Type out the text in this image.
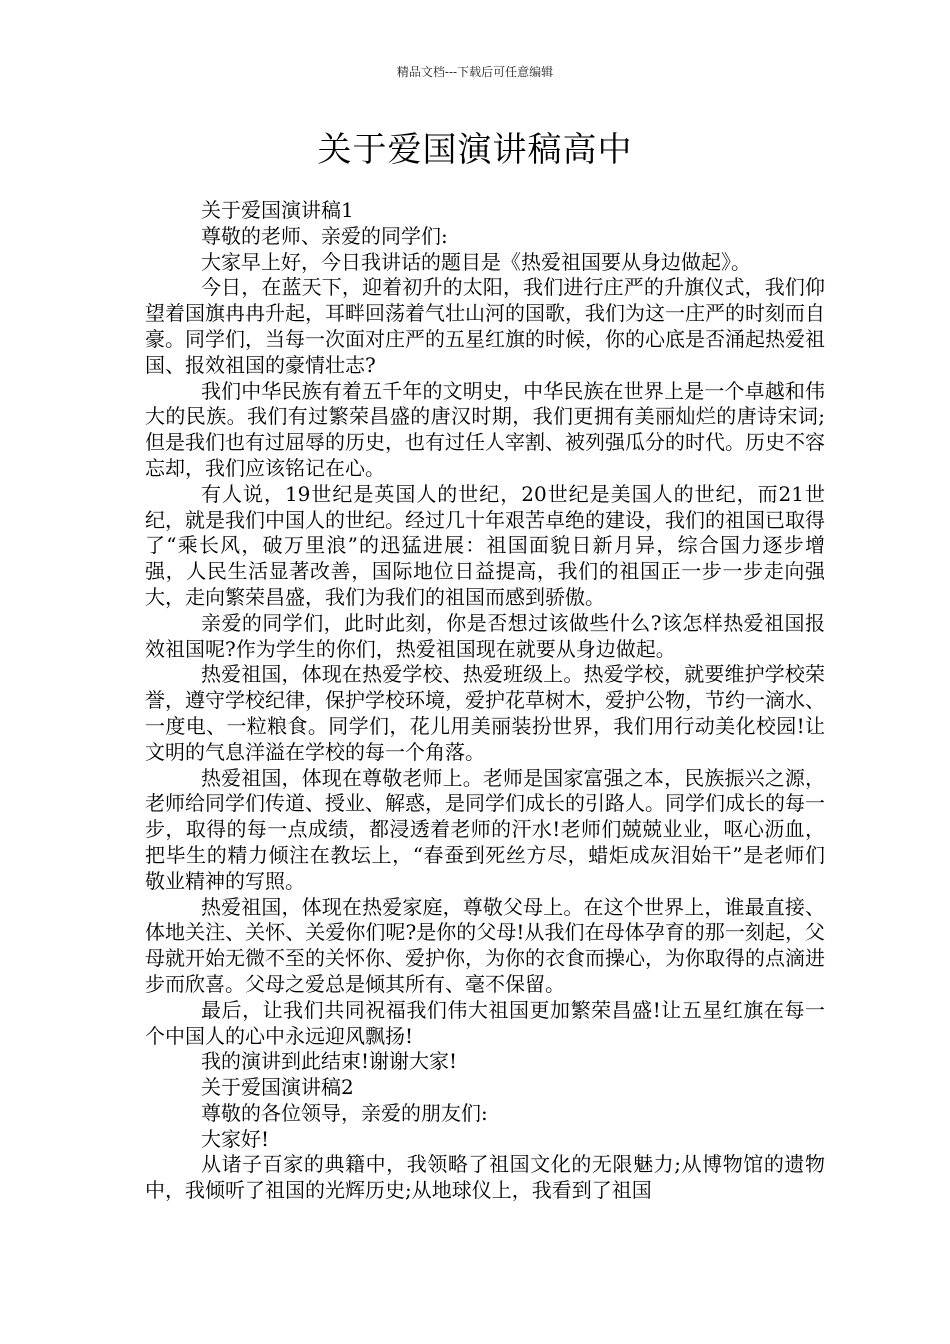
精品文档---下载后可任意编辑
关于爱国演讲稿高中

关于爱国演讲稿1

尊敬的老师、亲爱的同学们:

大家早上好，今日我讲话的题目是《热爱祖国要从身边做起》。

今日，在蓝天下，迎着初升的太阳，我们进行庄严的升旗仪式，我们仰望着国旗冉冉升起，耳畔回荡着气壮山河的国歌，我们为这一庄严的时刻而自豪。同学们，当每一次面对庄严的五星红旗的时候，你的心底是否涌起热爱祖国、报效祖国的豪情壮志?

我们中华民族有着五千年的文明史，中华民族在世界上是一个卓越和伟大的民族。我们有过繁荣昌盛的唐汉时期，我们更拥有美丽灿烂的唐诗宋词;但是我们也有过屈辱的历史，也有过任人宰割、被列强瓜分的时代。历史不容忘却，我们应该铭记在心。

有人说，19世纪是英国人的世纪，20世纪是美国人的世纪，而21世纪，就是我们中国人的世纪。经过几十年艰苦卓绝的建设，我们的祖国已取得了“乘长风，破万里浪”的迅猛进展：祖国面貌日新月异，综合国力逐步增强，人民生活显著改善，国际地位日益提高，我们的祖国正一步一步走向强大，走向繁荣昌盛，我们为我们的祖国而感到骄傲。

亲爱的同学们，此时此刻，你是否想过该做些什么?该怎样热爱祖国报效祖国呢?作为学生的你们，热爱祖国现在就要从身边做起。

热爱祖国，体现在热爱学校、热爱班级上。热爱学校，就要维护学校荣誉，遵守学校纪律，保护学校环境，爱护花草树木，爱护公物，节约一滴水、一度电、一粒粮食。同学们，花儿用美丽装扮世界，我们用行动美化校园!让文明的气息洋溢在学校的每一个角落。

热爱祖国，体现在尊敬老师上。老师是国家富强之本，民族振兴之源，老师给同学们传道、授业、解惑，是同学们成长的引路人。同学们成长的每一步，取得的每一点成绩，都浸透着老师的汗水!老师们兢兢业业，呕心沥血，把毕生的精力倾注在教坛上，“春蚕到死丝方尽，蜡炬成灰泪始干”是老师们敬业精神的写照。

热爱祖国，体现在热爱家庭，尊敬父母上。在这个世界上，谁最直接、体地关注、关怀、关爱你们呢?是你的父母!从我们在母体孕育的那一刻起，父母就开始无微不至的关怀你、爱护你，为你的衣食而操心，为你取得的点滴进步而欣喜。父母之爱总是倾其所有、毫不保留。

最后，让我们共同祝福我们伟大祖国更加繁荣昌盛!让五星红旗在每一个中国人的心中永远迎风飘扬!

我的演讲到此结束!谢谢大家!

关于爱国演讲稿2

尊敬的各位领导，亲爱的朋友们:

大家好!

从诸子百家的典籍中，我领略了祖国文化的无限魅力;从博物馆的遗物中，我倾听了祖国的光辉历史;从地球仪上，我看到了祖国
